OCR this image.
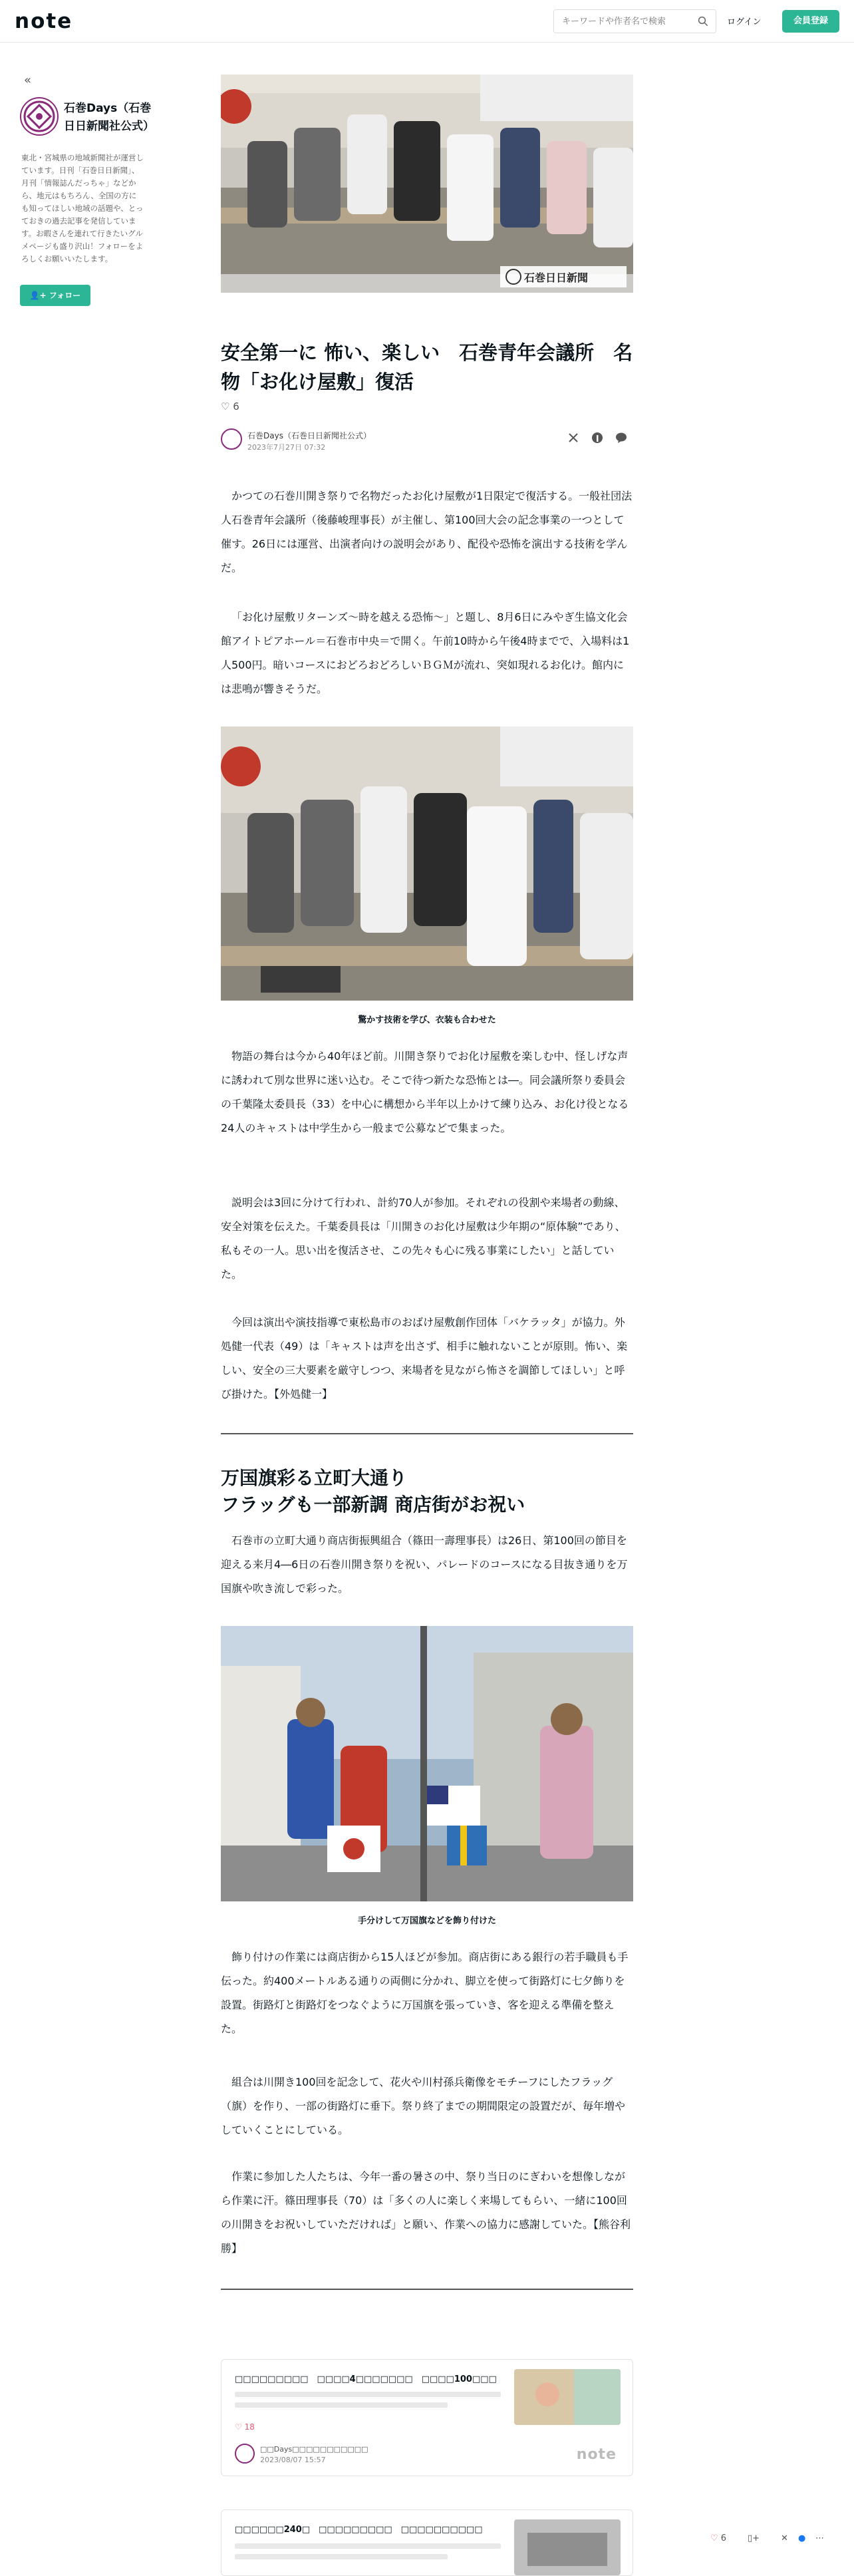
note
キーワードや作者名で検索	ログイン	会員登録
«
石巻Days（石巻日日新聞社公式）
東北・宮城県の地域新聞社が運営しています。日刊「石巻日日新聞」、月刊「情報誌んだっちゃ」などから、地元はもちろん、全国の方にも知ってほしい地域の話題や、とっておきの過去記事を発信しています。お暇さんを連れて行きたいグルメページも盛り沢山！フォローをよろしくお願いいたします。
👤+ フォロー
石巻日日新聞
安全第一に 怖い、楽しい　石巻青年会議所　名物「お化け屋敷」復活
♡ 6
石巻Days（石巻日日新聞社公式）
2023年7月27日 07:32
かつての石巻川開き祭りで名物だったお化け屋敷が1日限定で復活する。一般社団法人石巻青年会議所（後藤峻理事長）が主催し、第100回大会の記念事業の一つとして催す。26日には運営、出演者向けの説明会があり、配役や恐怖を演出する技術を学んだ。
「お化け屋敷リターンズ～時を越える恐怖～」と題し、8月6日にみやぎ生協文化会館アイトピアホール＝石巻市中央＝で開く。午前10時から午後4時までで、入場料は1人500円。暗いコースにおどろおどろしいＢＧＭが流れ、突如現れるお化け。館内には悲鳴が響きそうだ。
驚かす技術を学び、衣装も合わせた
物語の舞台は今から40年ほど前。川開き祭りでお化け屋敷を楽しむ中、怪しげな声に誘われて別な世界に迷い込む。そこで待つ新たな恐怖とは―。同会議所祭り委員会の千葉隆太委員長（33）を中心に構想から半年以上かけて練り込み、お化け役となる24人のキャストは中学生から一般まで公募などで集まった。
説明会は3回に分けて行われ、計約70人が参加。それぞれの役割や来場者の動線、安全対策を伝えた。千葉委員長は「川開きのお化け屋敷は少年期の“原体験”であり、私もその一人。思い出を復活させ、この先々も心に残る事業にしたい」と話していた。
今回は演出や演技指導で東松島市のおばけ屋敷創作団体「バケラッタ」が協力。外処健一代表（49）は「キャストは声を出さず、相手に触れないことが原則。怖い、楽しい、安全の三大要素を厳守しつつ、来場者を見ながら怖さを調節してほしい」と呼び掛けた。【外処健一】
万国旗彩る立町大通り
フラッグも一部新調 商店街がお祝い
石巻市の立町大通り商店街振興組合（篠田一壽理事長）は26日、第100回の節目を迎える来月4―6日の石巻川開き祭りを祝い、パレードのコースになる目抜き通りを万国旗や吹き流しで彩った。
手分けして万国旗などを飾り付けた
飾り付けの作業には商店街から15人ほどが参加。商店街にある銀行の若手職員も手伝った。約400メートルある通りの両側に分かれ、脚立を使って街路灯に七夕飾りを設置。街路灯と街路灯をつなぐように万国旗を張っていき、客を迎える準備を整えた。
組合は川開き100回を記念して、花火や川村孫兵衛像をモチーフにしたフラッグ（旗）を作り、一部の街路灯に垂下。祭り終了までの期間限定の設置だが、毎年増やしていくことにしている。
作業に参加した人たちは、今年一番の暑さの中、祭り当日のにぎわいを想像しながら作業に汗。篠田理事長（70）は「多くの人に楽しく来場してもらい、一緒に100回の川開きをお祝いしていただければ」と願い、作業への協力に感謝していた。【熊谷利勝】
□□□□□□□□□　□□□□4□□□□□□□　□□□□100□□□
♡ 18
□□Days□□□□□□□□□□□
2023/08/07 15:57	note
□□□□□□240□　□□□□□□□□□　□□□□□□□□□□
♡ 6 ▯+ ✕ ● ⋯
